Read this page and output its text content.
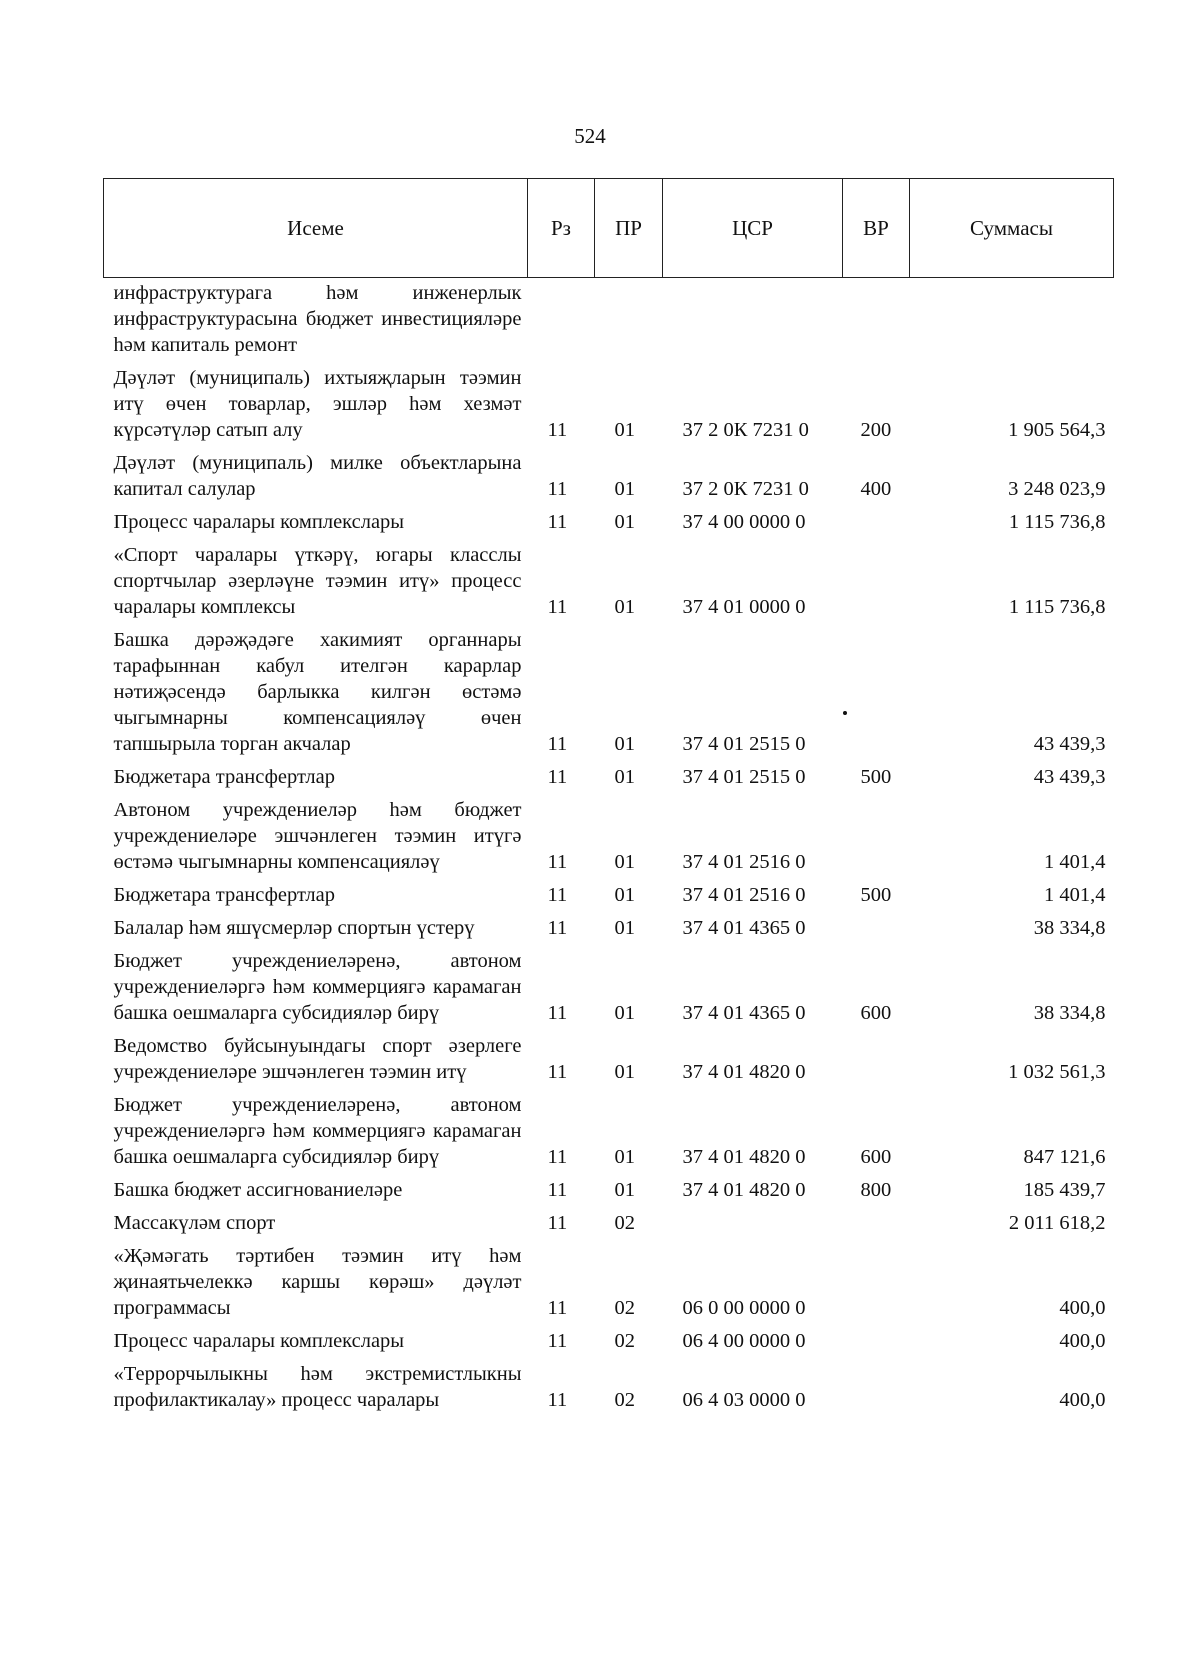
524
Исеме	Рз	ПР	ЦСР	ВР	Суммасы
инфраструктурага һәм инженерлык инфраструктурасына бюджет инвестицияләре һәм капиталь ремонт					
Дәүләт (муниципаль) ихтыяҗларын тәэмин итү өчен товарлар, эшләр һәм хезмәт күрсәтүләр сатып алу	11	01	37 2 0К 7231 0	200	1 905 564,3
Дәүләт (муниципаль) милке объектларына капитал салулар	11	01	37 2 0К 7231 0	400	3 248 023,9
Процесс чаралары комплекслары	11	01	37 4 00 0000 0		1 115 736,8
«Спорт чаралары үткәрү, югары класслы спортчылар әзерләүне тәэмин итү» процесс чаралары комплексы	11	01	37 4 01 0000 0		1 115 736,8
Башка дәрәҗәдәге хакимият органнары тарафыннан кабул ителгән карарлар нәтиҗәсендә барлыкка килгән өстәмә чыгымнарны компенсацияләү өчен тапшырыла торган акчалар	11	01	37 4 01 2515 0		43 439,3
Бюджетара трансфертлар	11	01	37 4 01 2515 0	500	43 439,3
Автоном учреждениеләр һәм бюджет учреждениеләре эшчәнлеген тәэмин итүгә өстәмә чыгымнарны компенсацияләү	11	01	37 4 01 2516 0		1 401,4
Бюджетара трансфертлар	11	01	37 4 01 2516 0	500	1 401,4
Балалар һәм яшүсмерләр спортын үстерү	11	01	37 4 01 4365 0		38 334,8
Бюджет учреждениеләренә, автоном учреждениеләргә һәм коммерциягә карамаган башка оешмаларга субсидияләр бирү	11	01	37 4 01 4365 0	600	38 334,8
Ведомство буйсынуындагы спорт әзерлеге учреждениеләре эшчәнлеген тәэмин итү	11	01	37 4 01 4820 0		1 032 561,3
Бюджет учреждениеләренә, автоном учреждениеләргә һәм коммерциягә карамаган башка оешмаларга субсидияләр бирү	11	01	37 4 01 4820 0	600	847 121,6
Башка бюджет ассигнованиеләре	11	01	37 4 01 4820 0	800	185 439,7
Массакүләм спорт	11	02			2 011 618,2
«Җәмәгать тәртибен тәэмин итү һәм җинаятьчелеккә каршы көрәш» дәүләт программасы	11	02	06 0 00 0000 0		400,0
Процесс чаралары комплекслары	11	02	06 4 00 0000 0		400,0
«Террорчылыкны һәм экстремистлыкны профилактикалау» процесс чаралары	11	02	06 4 03 0000 0		400,0
